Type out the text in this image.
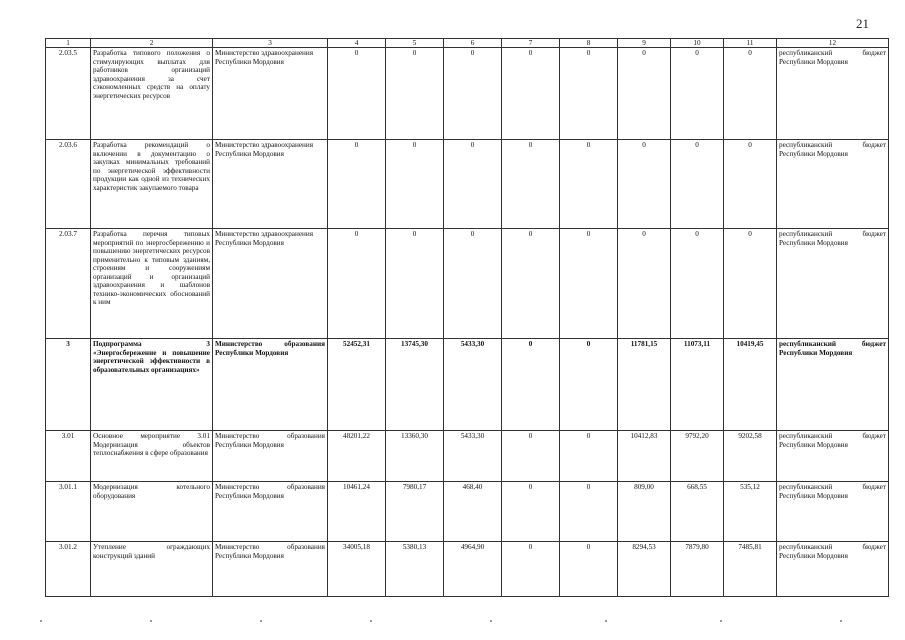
21
1	2	3	4	5	6	7	8	9	10	11	12
2.03.5	Разработка типового положения о стимулирующих выплатах для работников организаций здравоохранения за счет сэкономленных средств на оплату энергетических ресурсов	Министерство здравоохранения Республики Мордовия	0	0	0	0	0	0	0	0	республиканский бюджет Республики Мордовия
2.03.6	Разработка рекомендаций о включении в документацию о закупках минимальных требований по энергетической эффективности продукции как одной из технических характеристик закупаемого товара	Министерство здравоохранения Республики Мордовия	0	0	0	0	0	0	0	0	республиканский бюджет Республики Мордовия
2.03.7	Разработка перечня типовых мероприятий по энергосбережению и повышению энергетических ресурсов применительно к типовым зданиям, строениям и сооружениям организаций и организаций здравоохранения и шаблонов технико-экономических обоснований к ним	Министерство здравоохранения Республики Мордовия	0	0	0	0	0	0	0	0	республиканский бюджет Республики Мордовия
3	Подпрограмма 3 «Энергосбережение и повышение энергетической эффективности в образовательных организациях»	Министерство образования Республики Мордовия	52452,31	13745,30	5433,30	0	0	11781,15	11073,11	10419,45	республиканский бюджет Республики Мордовия
3.01	Основное мероприятие 3.01 Модернизация объектов теплоснабжения в сфере образования	Министерство образования Республики Мордовия	48201,22	13360,30	5433,30	0	0	10412,83	9792,20	9202,58	республиканский бюджет Республики Мордовия
3.01.1	Модернизация котельного оборудования	Министерство образования Республики Мордовия	10461,24	7980,17	468,40	0	0	809,00	668,55	535,12	республиканский бюджет Республики Мордовия
3.01.2	Утепление ограждающих конструкций зданий	Министерство образования Республики Мордовия	34005,18	5380,13	4964,90	0	0	8294,53	7879,80	7485,81	республиканский бюджет Республики Мордовия
